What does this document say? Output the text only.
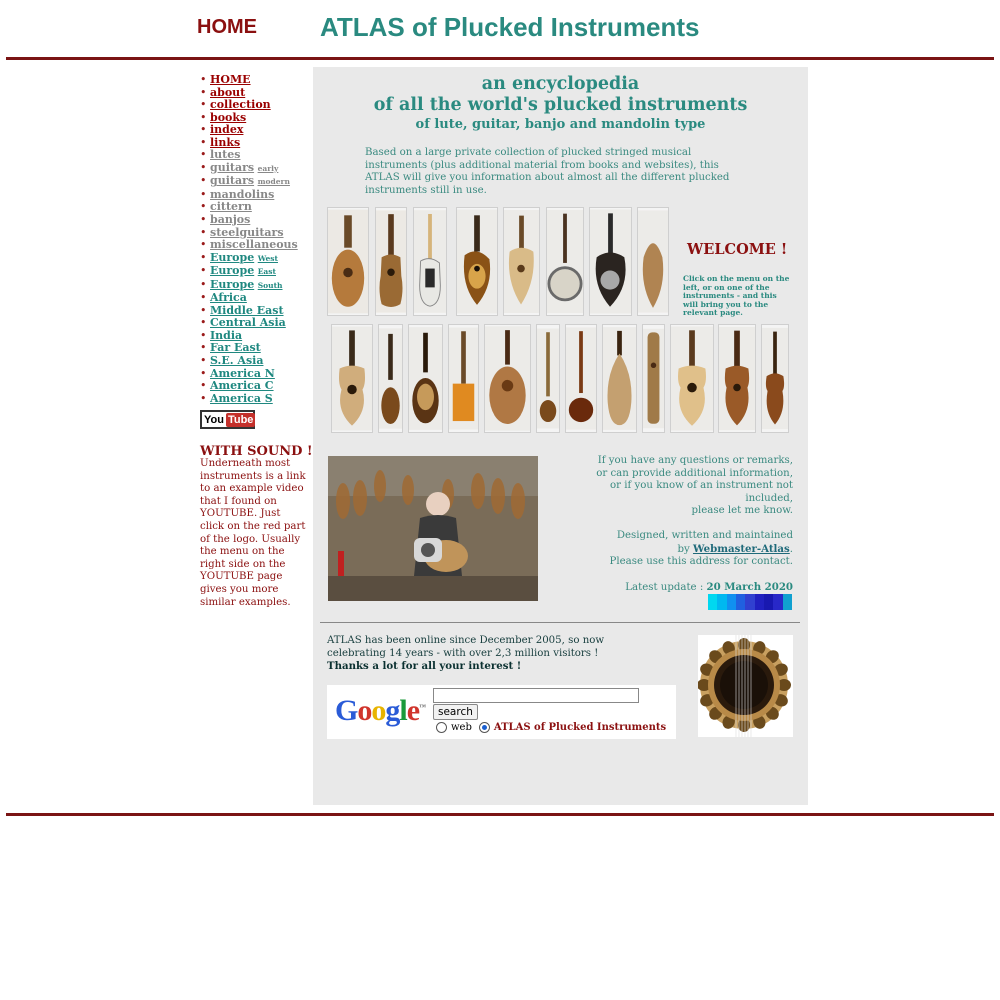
HOME ATLAS of Plucked Instruments
• HOME
• about
• collection
• books
• index
• links
• lutes
• guitars early
• guitars modern
• mandolins
• cittern
• banjos
• steelguitars
• miscellaneous
• Europe West
• Europe East
• Europe South
• Africa
• Middle East
• Central Asia
• India
• Far East
• S.E. Asia
• America N
• America C
• America S
You Tube
WITH SOUND !
Underneath most instruments is a link to an example video that I found on YOUTUBE. Just click on the red part of the logo. Usually the menu on the right side on the YOUTUBE page gives you more similar examples.
an encyclopedia
of all the world's plucked instruments
of lute, guitar, banjo and mandolin type
Based on a large private collection of plucked stringed musical instruments (plus additional material from books and websites), this ATLAS will give you information about almost all the different plucked instruments still in use.
WELCOME !
Click on the menu on the left, or on one of the instruments - and this will bring you to the relevant page.
If you have any questions or remarks,
or can provide additional information,
or if you know of an instrument not included,
please let me know.
Designed, written and maintained
by Webmaster-Atlas.
Please use this address for contact.
Latest update : 20 March 2020
ATLAS has been online since December 2005, so now
celebrating 14 years - with over 2,3 million visitors !
Thanks a lot for all your interest !
Google™	search
web ATLAS of Plucked Instruments
